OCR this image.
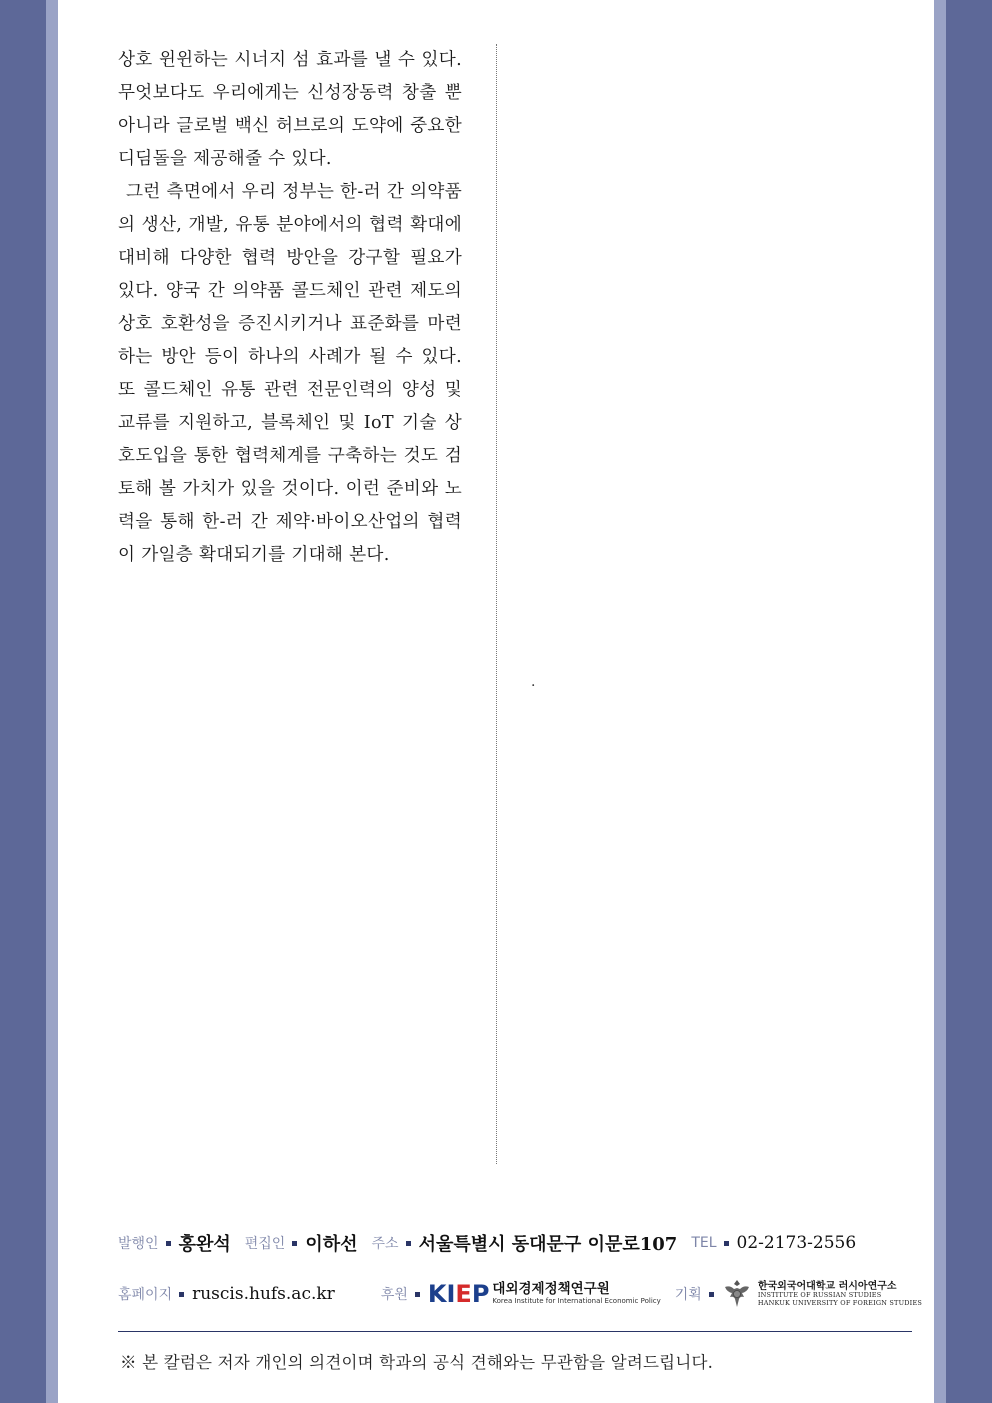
상호 윈윈하는 시너지 섬 효과를 낼 수 있다. 무엇보다도 우리에게는 신성장동력 창출 뿐 아니라 글로벌 백신 허브로의 도약에 중요한 디딤돌을 제공해줄 수 있다.

그런 측면에서 우리 정부는 한-러 간 의약품의 생산, 개발, 유통 분야에서의 협력 확대에 대비해 다양한 협력 방안을 강구할 필요가 있다. 양국 간 의약품 콜드체인 관련 제도의 상호 호환성을 증진시키거나 표준화를 마련하는 방안 등이 하나의 사례가 될 수 있다. 또 콜드체인 유통 관련 전문인력의 양성 및 교류를 지원하고, 블록체인 및 IoT 기술 상호도입을 통한 협력체계를 구축하는 것도 검토해 볼 가치가 있을 것이다. 이런 준비와 노력을 통해 한-러 간 제약·바이오산업의 협력이 가일층 확대되기를 기대해 본다.

·
발행인 홍완석 편집인 이하선 주소 서울특별시 동대문구 이문로107 TEL 02-2173-2556
홈페이지 ruscis.hufs.ac.kr	후원 KIEP 대외경제정책연구원
Korea Institute for International Economic Policy 기획
한국외국어대학교 러시아연구소
INSTITUTE OF RUSSIAN STUDIES
HANKUK UNIVERSITY OF FOREIGN STUDIES
※ 본 칼럼은 저자 개인의 의견이며 학과의 공식 견해와는 무관함을 알려드립니다.
